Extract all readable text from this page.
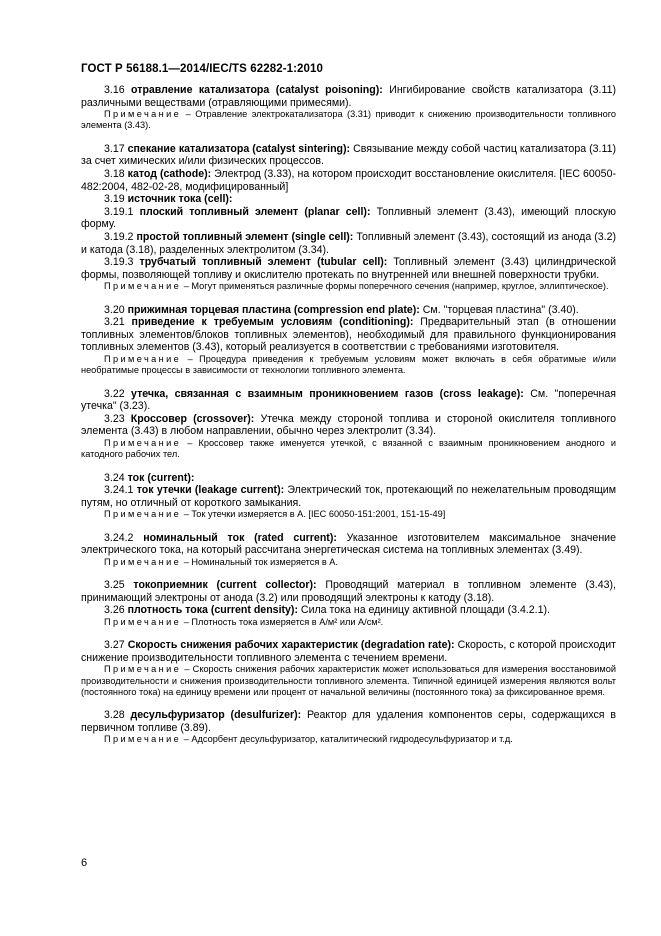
ГОСТ Р 56188.1—2014/IEC/TS 62282-1:2010

3.16 отравление катализатора (catalyst poisoning): Ингибирование свойств катализатора (3.11) различными веществами (отравляющими примесями).

Примечание – Отравление электрокатализатора (3.31) приводит к снижению производительности топливного элемента (3.43).

3.17 спекание катализатора (catalyst sintering): Связывание между собой частиц катализатора (3.11) за счет химических и/или физических процессов.

3.18 катод (cathode): Электрод (3.33), на котором происходит восстановление окислителя. [IEC 60050-482:2004, 482-02-28, модифицированный]

3.19 источник тока (cell):

3.19.1 плоский топливный элемент (planar cell): Топливный элемент (3.43), имеющий плоскую форму.

3.19.2 простой топливный элемент (single cell): Топливный элемент (3.43), состоящий из анода (3.2) и катода (3.18), разделенных электролитом (3.34).

3.19.3 трубчатый топливный элемент (tubular cell): Топливный элемент (3.43) цилиндрической формы, позволяющей топливу и окислителю протекать по внутренней или внешней поверхности трубки.

Примечание – Могут применяться различные формы поперечного сечения (например, круглое, эллиптическое).

3.20 прижимная торцевая пластина (compression end plate): См. "торцевая пластина" (3.40).

3.21 приведение к требуемым условиям (conditioning): Предварительный этап (в отношении топливных элементов/блоков топливных элементов), необходимый для правильного функционирования топливных элементов (3.43), который реализуется в соответствии с требованиями изготовителя.

Примечание – Процедура приведения к требуемым условиям может включать в себя обратимые и/или необратимые процессы в зависимости от технологии топливного элемента.

3.22 утечка, связанная с взаимным проникновением газов (cross leakage): См. "поперечная утечка" (3.23).

3.23 Кроссовер (crossover): Утечка между стороной топлива и стороной окислителя топливного элемента (3.43) в любом направлении, обычно через электролит (3.34).

Примечание – Кроссовер также именуется утечкой, с вязанной с взаимным проникновением анодного и катодного рабочих тел.

3.24 ток (current):

3.24.1 ток утечки (leakage current): Электрический ток, протекающий по нежелательным проводящим путям, но отличный от короткого замыкания.

Примечание – Ток утечки измеряется в А. [IEC 60050-151:2001, 151-15-49]

3.24.2 номинальный ток (rated current): Указанное изготовителем максимальное значение электрического тока, на который рассчитана энергетическая система на топливных элементах (3.49).

Примечание – Номинальный ток измеряется в А.

3.25 токоприемник (current collector): Проводящий материал в топливном элементе (3.43), принимающий электроны от анода (3.2) или проводящий электроны к катоду (3.18).

3.26 плотность тока (current density): Сила тока на единицу активной площади (3.4.2.1).

Примечание – Плотность тока измеряется в А/м² или А/см².

3.27 Скорость снижения рабочих характеристик (degradation rate): Скорость, с которой происходит снижение производительности топливного элемента с течением времени.

Примечание – Скорость снижения рабочих характеристик может использоваться для измерения восстановимой производительности и снижения производительности топливного элемента. Типичной единицей измерения являются вольт (постоянного тока) на единицу времени или процент от начальной величины (постоянного тока) за фиксированное время.

3.28 десульфуризатор (desulfurizer): Реактор для удаления компонентов серы, содержащихся в первичном топливе (3.89).

Примечание – Адсорбент десульфуризатор, каталитический гидродесульфуризатор и т.д.

6
